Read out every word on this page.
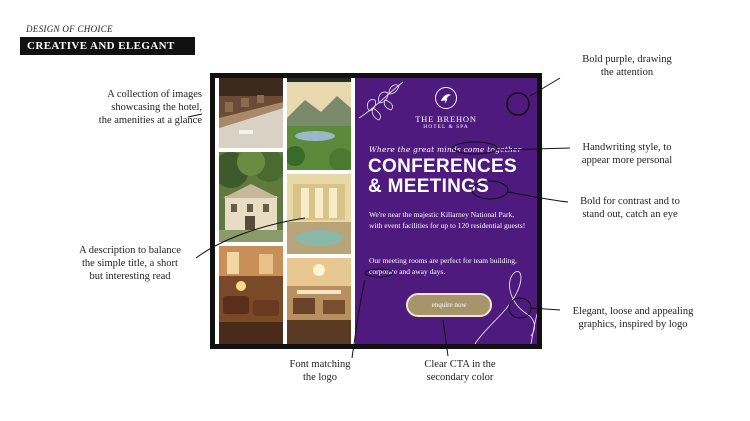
DESIGN OF CHOICE
CREATIVE AND ELEGANT
A collection of images
showcasing the hotel,
the amenities at a glance
A description to balance
the simple title, a short
but interesting read
Font matching
the logo
Clear CTA in the
secondary color
Bold purple, drawing
the attention
Handwriting style, to
appear more personal
Bold for contrast and to
stand out, catch an eye
Elegant, loose and appealing
graphics, inspired by logo
THE BREHON
HOTEL & SPA
Where the great minds come together
CONFERENCES
& MEETINGS
We're near the majestic Killarney National Park, with event facilities for up to 120 residential guests!
Our meeting rooms are perfect for team building, corporate and away days.
enquire now
